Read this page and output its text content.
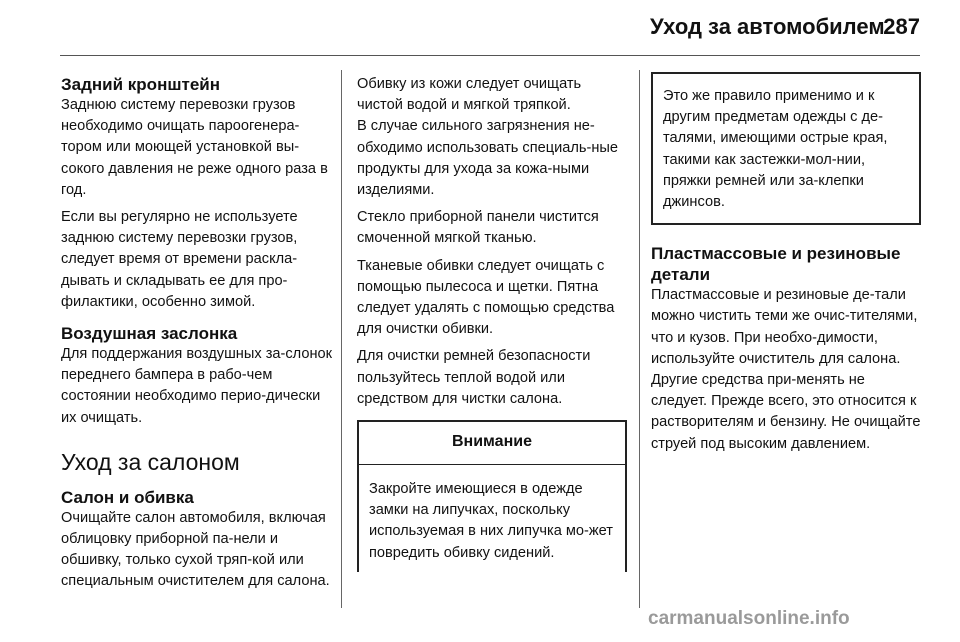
Уход за автомобилем
287

Задний кронштейн

Заднюю систему перевозки грузов необходимо очищать пароогенера-тором или моющей установкой вы-сокого давления не реже одного раза в год.

Если вы регулярно не используете заднюю систему перевозки грузов, следует время от времени раскла-дывать и складывать ее для про-филактики, особенно зимой.

Воздушная заслонка

Для поддержания воздушных за-слонок переднего бампера в рабо-чем состоянии необходимо перио-дически их очищать.

Уход за салоном

Салон и обивка

Очищайте салон автомобиля, включая облицовку приборной па-нели и обшивку, только сухой тряп-кой или специальным очистителем для салона.

Обивку из кожи следует очищать чистой водой и мягкой тряпкой.

В случае сильного загрязнения не-обходимо использовать специаль-ные продукты для ухода за кожа-ными изделиями.

Стекло приборной панели чистится смоченной мягкой тканью.

Тканевые обивки следует очищать с помощью пылесоса и щетки. Пятна следует удалять с помощью средства для очистки обивки.

Для очистки ремней безопасности пользуйтесь теплой водой или средством для чистки салона.

Внимание
Закройте имеющиеся в одежде замки на липучках, поскольку используемая в них липучка мо-жет повредить обивку сидений.
Это же правило применимо и к другим предметам одежды с де-талями, имеющими острые края, такими как застежки-мол-нии, пряжки ремней или за-клепки джинсов.

Пластмассовые и резиновые детали

Пластмассовые и резиновые де-тали можно чистить теми же очис-тителями, что и кузов. При необхо-димости, используйте очиститель для салона. Другие средства при-менять не следует. Прежде всего, это относится к растворителям и бензину. Не очищайте струей под высоким давлением.

carmanualsonline.info
